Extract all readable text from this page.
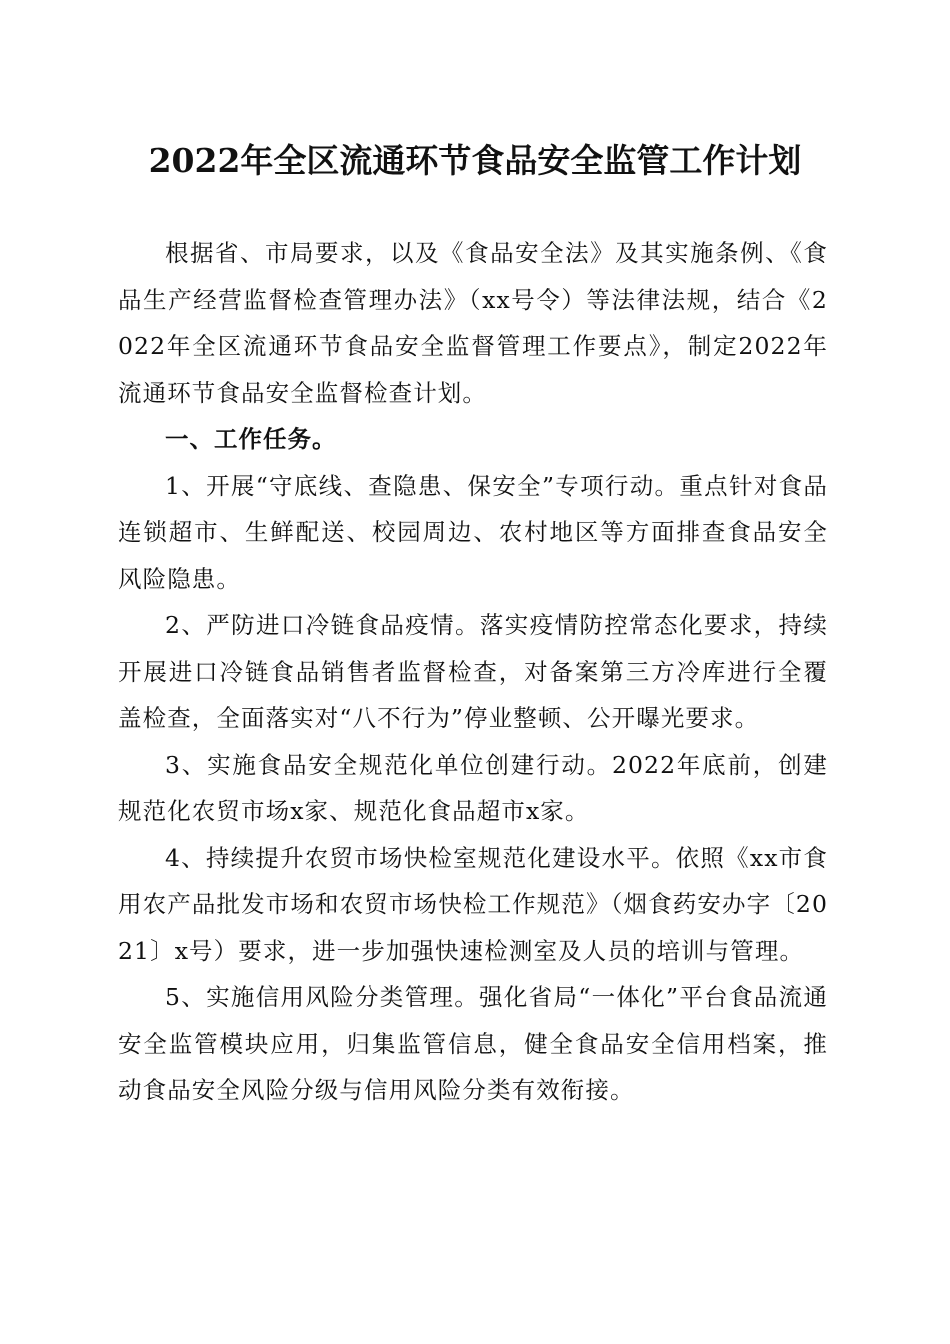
2022年全区流通环节食品安全监管工作计划

根据省、市局要求，以及《食品安全法》及其实施条例、《食品生产经营监督检查管理办法》（xx号令）等法律法规，结合《2022年全区流通环节食品安全监督管理工作要点》，制定2022年流通环节食品安全监督检查计划。

一、工作任务。

1、开展“守底线、查隐患、保安全”专项行动。重点针对食品连锁超市、生鲜配送、校园周边、农村地区等方面排查食品安全风险隐患。

2、严防进口冷链食品疫情。落实疫情防控常态化要求，持续开展进口冷链食品销售者监督检查，对备案第三方冷库进行全覆盖检查，全面落实对“八不行为”停业整顿、公开曝光要求。

3、实施食品安全规范化单位创建行动。2022年底前，创建规范化农贸市场x家、规范化食品超市x家。

4、持续提升农贸市场快检室规范化建设水平。依照《xx市食用农产品批发市场和农贸市场快检工作规范》（烟食药安办字〔2021〕x号）要求，进一步加强快速检测室及人员的培训与管理。

5、实施信用风险分类管理。强化省局“一体化”平台食品流通安全监管模块应用，归集监管信息，健全食品安全信用档案，推动食品安全风险分级与信用风险分类有效衔接。
